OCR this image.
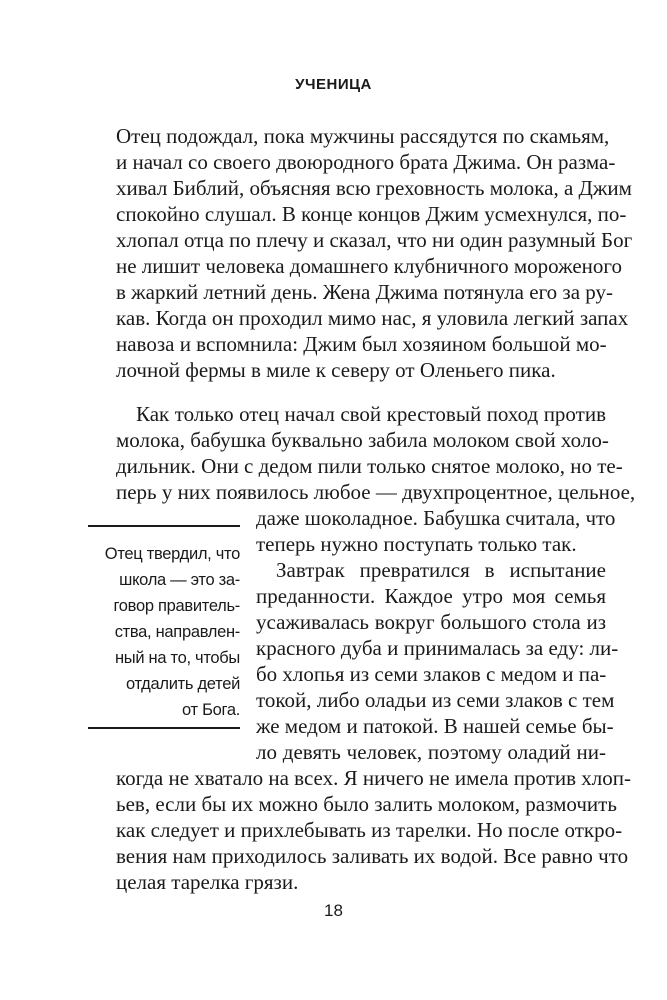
УЧЕНИЦА
Отец подождал, пока мужчины рассядутся по скамьям,
и начал со своего двоюродного брата Джима. Он разма-
хивал Библий, объясняя всю греховность молока, а Джим
спокойно слушал. В конце концов Джим усмехнулся, по-
хлопал отца по плечу и сказал, что ни один разумный Бог
не лишит человека домашнего клубничного мороженого
в жаркий летний день. Жена Джима потянула его за ру-
кав. Когда он проходил мимо нас, я уловила легкий запах
навоза и вспомнила: Джим был хозяином большой мо-
лочной фермы в миле к северу от Оленьего пика.
Как только отец начал свой крестовый поход против
молока, бабушка буквально забила молоком свой холо-
дильник. Они с дедом пили только снятое молоко, но те-
перь у них появилось любое — двухпроцентное, цельное,
даже шоколадное. Бабушка считала, что
теперь нужно поступать только так.
Завтрак превратился в испытание
преданности. Каждое утро моя семья
усаживалась вокруг большого стола из
красного дуба и принималась за еду: ли-
бо хлопья из семи злаков с медом и па-
токой, либо оладьи из семи злаков с тем
же медом и патокой. В нашей семье бы-
ло девять человек, поэтому оладий ни-
когда не хватало на всех. Я ничего не имела против хлоп-
ьев, если бы их можно было залить молоком, размочить
как следует и прихлебывать из тарелки. Но после откро-
вения нам приходилось заливать их водой. Все равно что
целая тарелка грязи.
Отец твердил, что
школа — это за-
говор правитель-
ства, направлен-
ный на то, чтобы
отдалить детей
от Бога.
18
